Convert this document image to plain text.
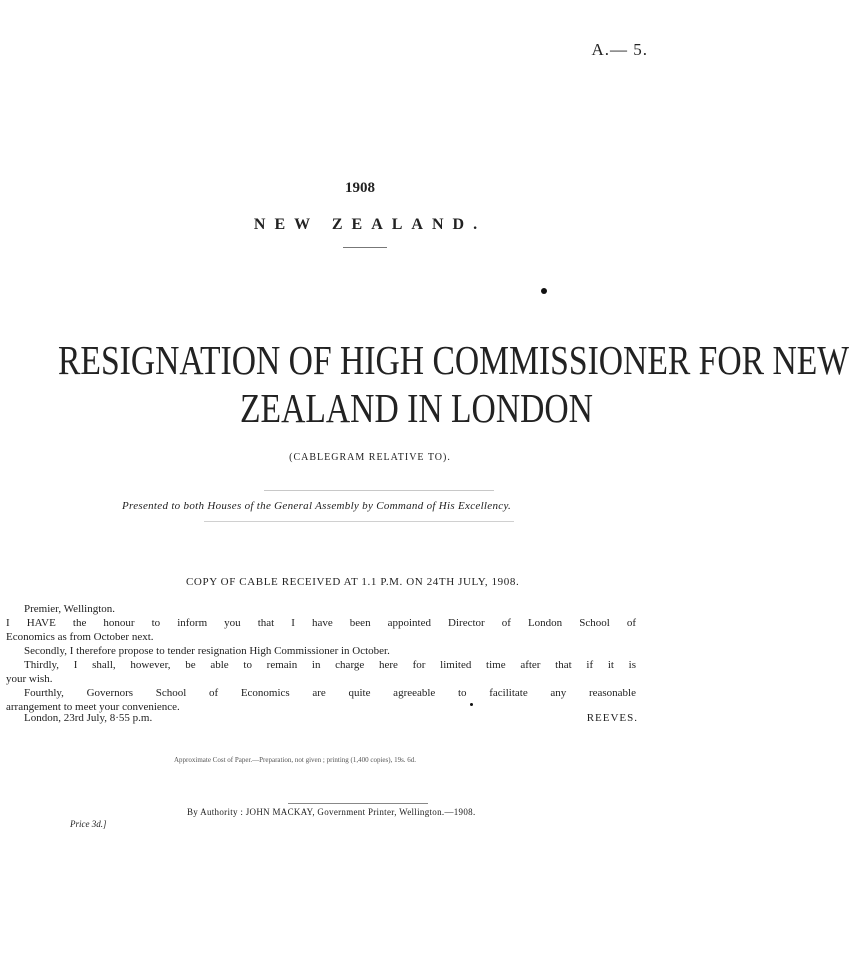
A.— 5.
1908
NEW ZEALAND.
RESIGNATION OF HIGH COMMISSIONER FOR NEW
ZEALAND IN LONDON
(CABLEGRAM RELATIVE TO).
Presented to both Houses of the General Assembly by Command of His Excellency.
COPY OF CABLE RECEIVED AT 1.1 P.M. ON 24TH JULY, 1908.
Premier, Wellington.
I HAVE the honour to inform you that I have been appointed Director of London School of
Economics as from October next.
Secondly, I therefore propose to tender resignation High Commissioner in October.
Thirdly, I shall, however, be able to remain in charge here for limited time after that if it is
your wish.
Fourthly, Governors School of Economics are quite agreeable to facilitate any reasonable
arrangement to meet your convenience.
London, 23rd July, 8·55 p.m.	REEVES.
Approximate Cost of Paper.—Preparation, not given ; printing (1,400 copies), 19s. 6d.
By Authority : JOHN MACKAY, Government Printer, Wellington.—1908.
Price 3d.]
